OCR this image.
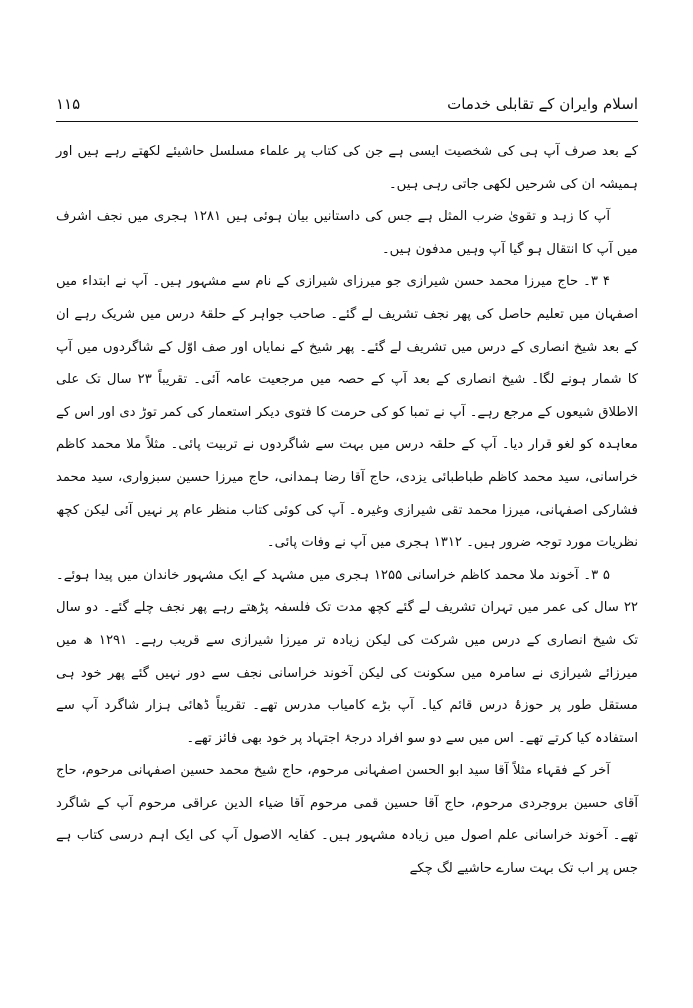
اسلام وایران کے تقابلی خدمات
۱۱۵

کے بعد صرف آپ ہی کی شخصیت ایسی ہے جن کی کتاب پر علماء مسلسل حاشیئے لکھتے رہے ہیں اور ہمیشہ ان کی شرحیں لکھی جاتی رہی ہیں۔

آپ کا زہد و تقویٰ ضرب المثل ہے جس کی داستانیں بیان ہوئی ہیں ۱۲۸۱ ہجری میں نجف اشرف میں آپ کا انتقال ہو گیا آپ وہیں مدفون ہیں۔

۴ ۳۔ حاج میرزا محمد حسن شیرازی جو میرزای شیرازی کے نام سے مشہور ہیں۔ آپ نے ابتداء میں اصفہان میں تعلیم حاصل کی پھر نجف تشریف لے گئے۔ صاحب جواہر کے حلقۂ درس میں شریک رہے ان کے بعد شیخ انصاری کے درس میں تشریف لے گئے۔ پھر شیخ کے نمایاں اور صف اوّل کے شاگردوں میں آپ کا شمار ہونے لگا۔ شیخ انصاری کے بعد آپ کے حصہ میں مرجعیت عامہ آئی۔ تقریباً ۲۳ سال تک علی الاطلاق شیعوں کے مرجع رہے۔ آپ نے تمبا کو کی حرمت کا فتوی دیکر استعمار کی کمر توڑ دی اور اس کے معاہدہ کو لغو قرار دیا۔ آپ کے حلقہ درس میں بہت سے شاگردوں نے تربیت پائی۔ مثلاً ملا محمد کاظم خراسانی، سید محمد کاظم طباطبائی یزدی، حاج آقا رضا ہمدانی، حاج میرزا حسین سبزواری، سید محمد فشارکی اصفہانی، میرزا محمد تقی شیرازی وغیرہ۔ آپ کی کوئی کتاب منظر عام پر نہیں آئی لیکن کچھ نظریات مورد توجہ ضرور ہیں۔ ۱۳۱۲ ہجری میں آپ نے وفات پائی۔

۵ ۳۔ آخوند ملا محمد کاظم خراسانی ۱۲۵۵ ہجری میں مشہد کے ایک مشہور خاندان میں پیدا ہوئے۔ ۲۲ سال کی عمر میں تہران تشریف لے گئے کچھ مدت تک فلسفہ پڑھتے رہے پھر نجف چلے گئے۔ دو سال تک شیخ انصاری کے درس میں شرکت کی لیکن زیادہ تر میرزا شیرازی سے قریب رہے۔ ۱۲۹۱ ھ میں میرزائے شیرازی نے سامرہ میں سکونت کی لیکن آخوند خراسانی نجف سے دور نہیں گئے پھر خود ہی مستقل طور پر حوزۂ درس قائم کیا۔ آپ بڑے کامیاب مدرس تھے۔ تقریباً ڈھائی ہزار شاگرد آپ سے استفادہ کیا کرتے تھے۔ اس میں سے دو سو افراد درجۂ اجتہاد پر خود بھی فائز تھے۔

آخر کے فقہاء مثلاً آقا سید ابو الحسن اصفہانی مرحوم، حاج شیخ محمد حسین اصفہانی مرحوم، حاج آقای حسین بروجردی مرحوم، حاج آقا حسین قمی مرحوم آقا ضیاء الدین عراقی مرحوم آپ کے شاگرد تھے۔ آخوند خراسانی علم اصول میں زیادہ مشہور ہیں۔ کفایہ الاصول آپ کی ایک اہم درسی کتاب ہے جس پر اب تک بہت سارے حاشیے لگ چکے
